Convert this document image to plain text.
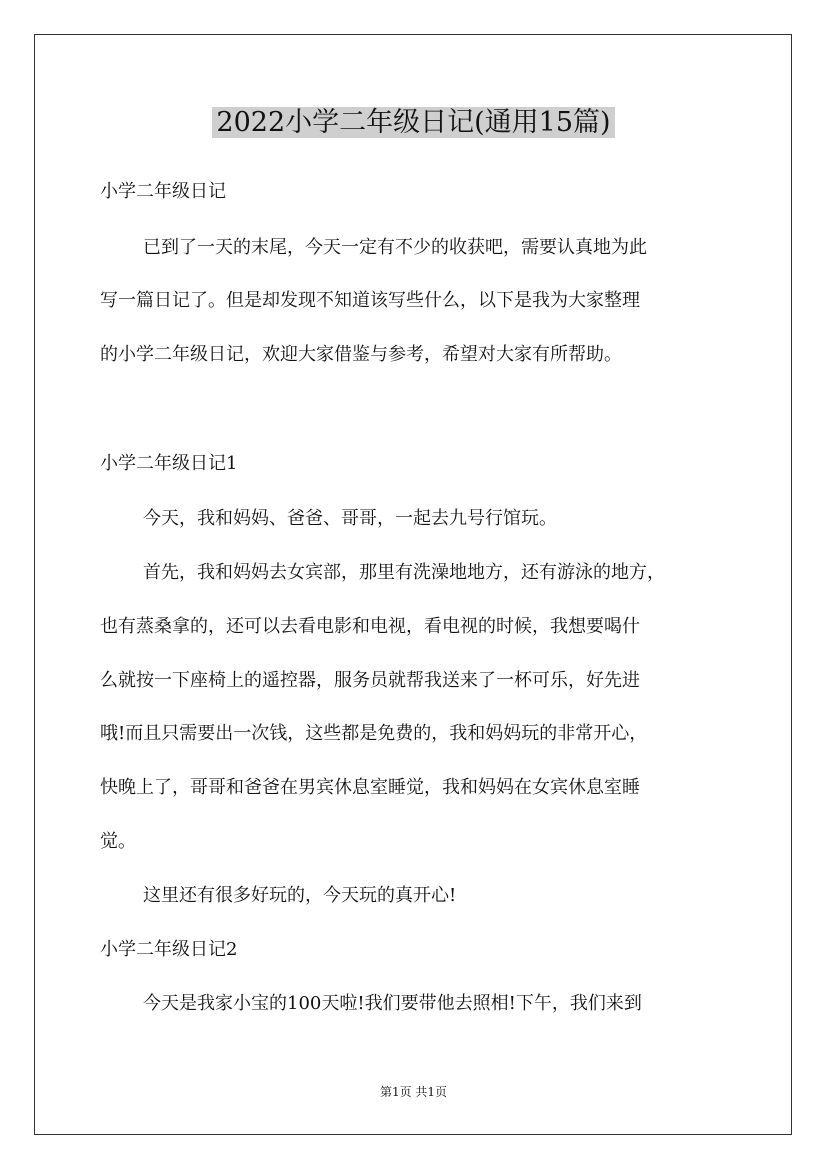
2022小学二年级日记(通用15篇)
小学二年级日记
已到了一天的末尾，今天一定有不少的收获吧，需要认真地为此
写一篇日记了。但是却发现不知道该写些什么，以下是我为大家整理
的小学二年级日记，欢迎大家借鉴与参考，希望对大家有所帮助。
小学二年级日记1
今天，我和妈妈、爸爸、哥哥，一起去九号行馆玩。
首先，我和妈妈去女宾部，那里有洗澡地地方，还有游泳的地方，
也有蒸桑拿的，还可以去看电影和电视，看电视的时候，我想要喝什
么就按一下座椅上的遥控器，服务员就帮我送来了一杯可乐，好先进
哦!而且只需要出一次钱，这些都是免费的，我和妈妈玩的非常开心，
快晚上了，哥哥和爸爸在男宾休息室睡觉，我和妈妈在女宾休息室睡
觉。
这里还有很多好玩的，今天玩的真开心!
小学二年级日记2
今天是我家小宝的100天啦!我们要带他去照相!下午，我们来到
第1页 共1页
